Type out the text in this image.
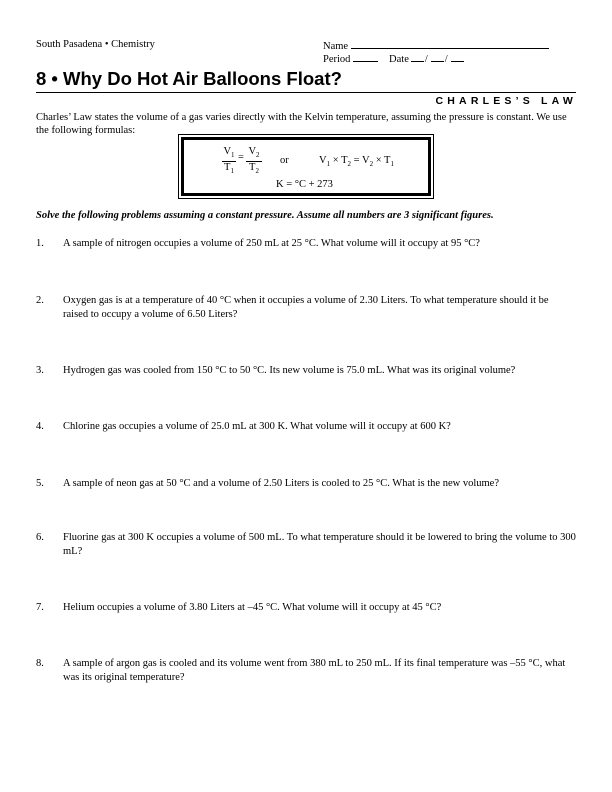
South Pasadena • Chemistry	Name
Period	Date / /
8 • Why Do Hot Air Balloons Float?
CHARLES’S LAW
Charles’ Law states the volume of a gas varies directly with the Kelvin temperature, assuming the pressure is constant. We use the following formulas:
$\frac{V_1}{T_1} = \frac{V_2}{T_2}$ or	$V_1 \times T_2 = V_2 \times T_1$
K = °C + 273
Solve the following problems assuming a constant pressure. Assume all numbers are 3 significant figures.
1. A sample of nitrogen occupies a volume of 250 mL at 25 °C. What volume will it occupy at 95 °C?
2. Oxygen gas is at a temperature of 40 °C when it occupies a volume of 2.30 Liters. To what temperature should it be raised to occupy a volume of 6.50 Liters?
3. Hydrogen gas was cooled from 150 °C to 50 °C. Its new volume is 75.0 mL. What was its original volume?
4. Chlorine gas occupies a volume of 25.0 mL at 300 K. What volume will it occupy at 600 K?
5. A sample of neon gas at 50 °C and a volume of 2.50 Liters is cooled to 25 °C. What is the new volume?
6. Fluorine gas at 300 K occupies a volume of 500 mL. To what temperature should it be lowered to bring the volume to 300 mL?
7. Helium occupies a volume of 3.80 Liters at –45 °C. What volume will it occupy at 45 °C?
8. A sample of argon gas is cooled and its volume went from 380 mL to 250 mL. If its final temperature was –55 °C, what was its original temperature?
